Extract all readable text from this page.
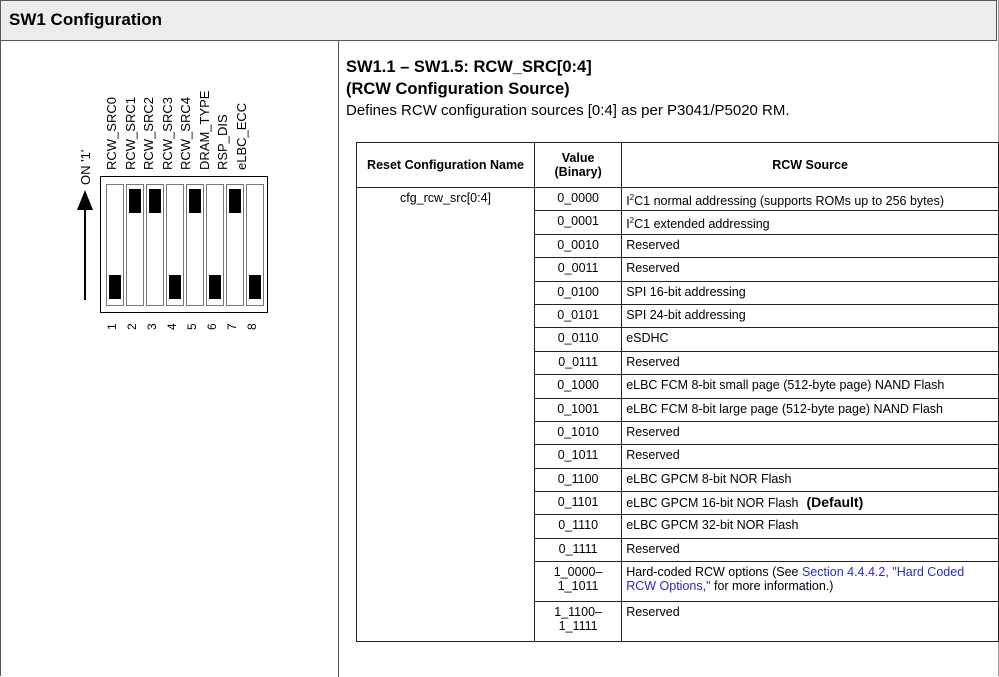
SW1 Configuration
ON '1' RCW_SRC0 RCW_SRC1 RCW_SRC2 RCW_SRC3 RCW_SRC4 DRAM_TYPE RSP_DIS eLBC_ECC
1 2 3 4 5 6 7 8
SW1.1 – SW1.5: RCW_SRC[0:4]
(RCW Configuration Source)
Defines RCW configuration sources [0:4] as per P3041/P5020 RM.
Reset Configuration Name	Value (Binary)	RCW Source
cfg_rcw_src[0:4]	0_0000	$I^2C1$ normal addressing (supports ROMs up to 256 bytes)
	0_0001	$I^2C1$ extended addressing
	0_0010	Reserved
	0_0011	Reserved
	0_0100	SPI 16-bit addressing
	0_0101	SPI 24-bit addressing
	0_0110	eSDHC
	0_0111	Reserved
	0_1000	eLBC FCM 8-bit small page (512-byte page) NAND Flash
	0_1001	eLBC FCM 8-bit large page (512-byte page) NAND Flash
	0_1010	Reserved
	0_1011	Reserved
	0_1100	eLBC GPCM 8-bit NOR Flash
	0_1101	eLBC GPCM 16-bit NOR Flash (Default)
	0_1110	eLBC GPCM 32-bit NOR Flash
	0_1111	Reserved
	1_0000–
1_1011	Hard-coded RCW options (See Section 4.4.4.2, "Hard Coded RCW Options," for more information.)
	1_1100–
1_1111	Reserved
